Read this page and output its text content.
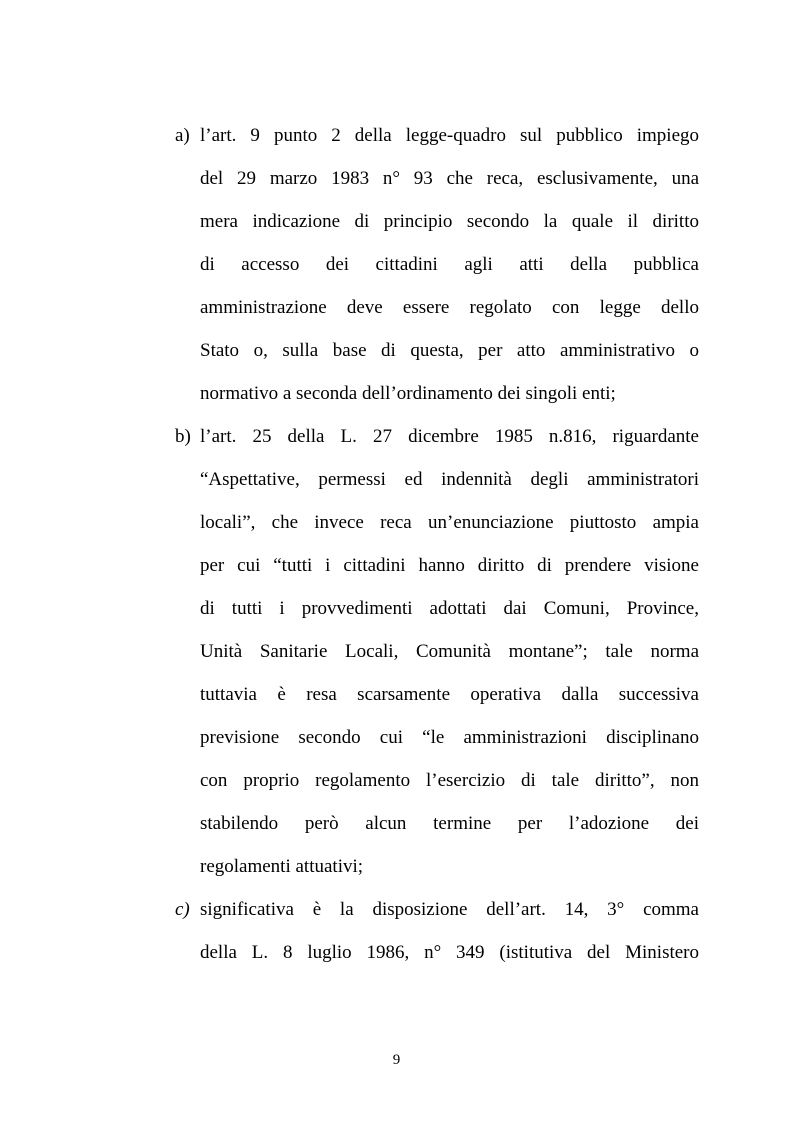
a) l’art. 9 punto 2 della legge-quadro sul pubblico impiego
del 29 marzo 1983 n° 93 che reca, esclusivamente, una
mera indicazione di principio secondo la quale il diritto
di accesso dei cittadini agli atti della pubblica
amministrazione deve essere regolato con legge dello
Stato o, sulla base di questa, per atto amministrativo o
normativo a seconda dell’ordinamento dei singoli enti;
b) l’art. 25 della L. 27 dicembre 1985 n.816, riguardante
“Aspettative, permessi ed indennità degli amministratori
locali”, che invece reca un’enunciazione piuttosto ampia
per cui “tutti i cittadini hanno diritto di prendere visione
di tutti i provvedimenti adottati dai Comuni, Province,
Unità Sanitarie Locali, Comunità montane”; tale norma
tuttavia è resa scarsamente operativa dalla successiva
previsione secondo cui “le amministrazioni disciplinano
con proprio regolamento l’esercizio di tale diritto”, non
stabilendo però alcun termine per l’adozione dei
regolamenti attuativi;
c) significativa è la disposizione dell’art. 14, 3° comma
della L. 8 luglio 1986, n° 349 (istitutiva del Ministero
9
